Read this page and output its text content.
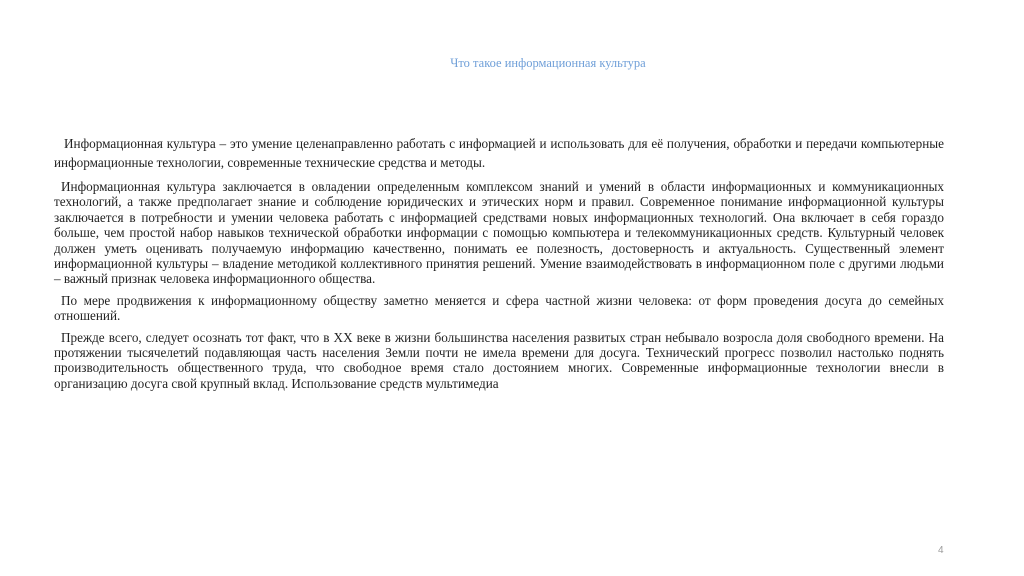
Что такое информационная культура

Информационная культура – это умение целенаправленно работать с информацией и использовать для её получения, обработки и передачи компьютерные информационные технологии, современные технические средства и методы.

Информационная культура заключается в овладении определенным комплексом знаний и умений в области информационных и коммуникационных технологий, а также предполагает знание и соблюдение юридических и этических норм и правил. Современное понимание информационной культуры заключается в потребности и умении человека работать с информацией средствами новых информационных технологий. Она включает в себя гораздо больше, чем простой набор навыков технической обработки информации с помощью компьютера и телекоммуникационных средств. Культурный человек должен уметь оценивать получаемую информацию качественно, понимать ее полезность, достоверность и актуальность. Существенный элемент информационной культуры – владение методикой коллективного принятия решений. Умение взаимодействовать в информационном поле с другими людьми – важный признак человека информационного общества.

По мере продвижения к информационному обществу заметно меняется и сфера частной жизни человека: от форм проведения досуга до семейных отношений.

Прежде всего, следует осознать тот факт, что в XX веке в жизни большинства населения развитых стран небывало возросла доля свободного времени. На протяжении тысячелетий подавляющая часть населения Земли почти не имела времени для досуга. Технический прогресс позволил настолько поднять производительность общественного труда, что свободное время стало достоянием многих. Современные информационные технологии внесли в организацию досуга свой крупный вклад. Использование средств мультимедиа

4
